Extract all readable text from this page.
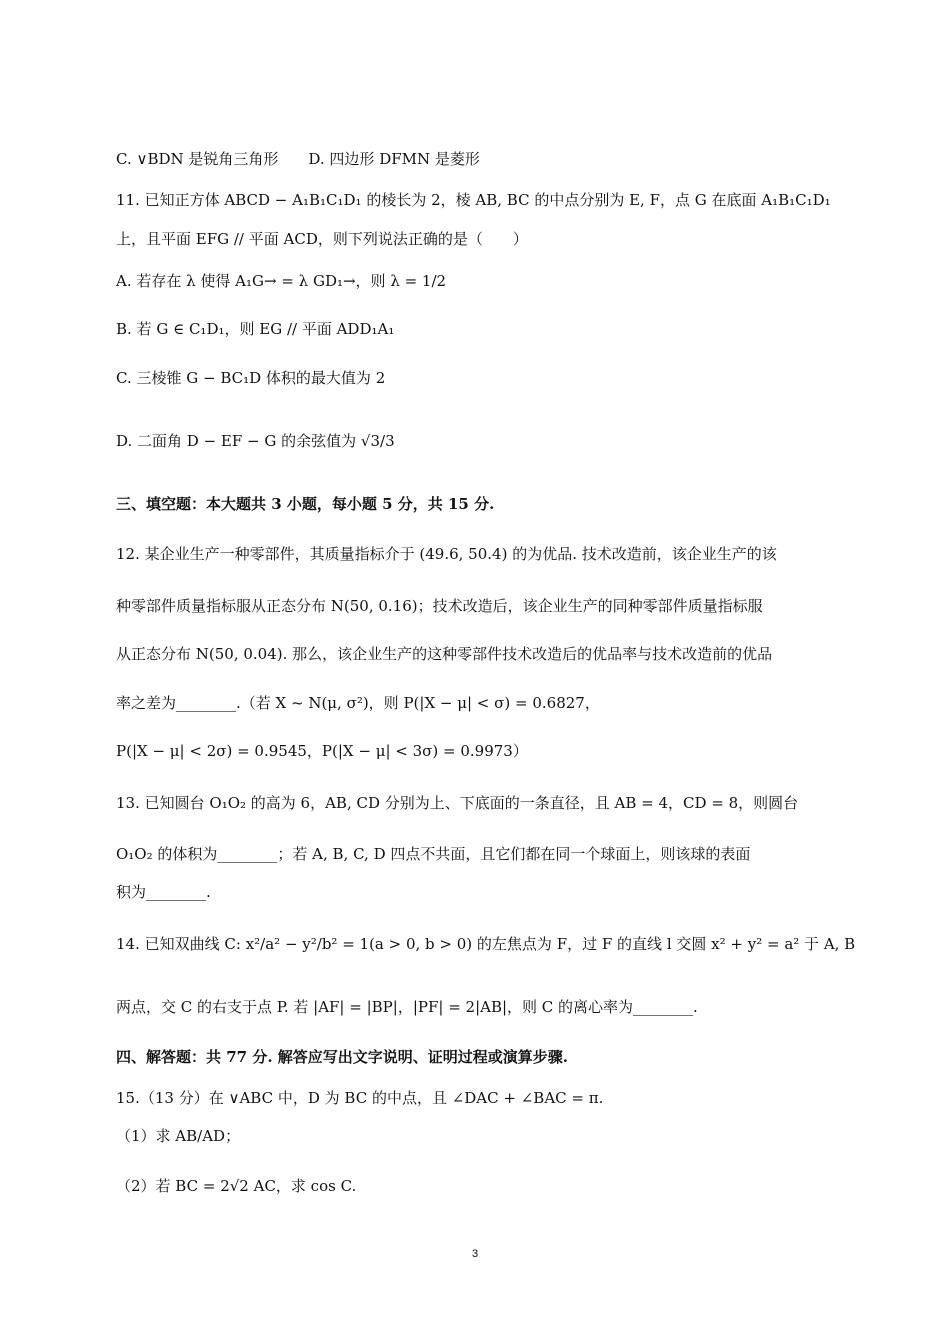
C. ∨BDN 是锐角三角形　　D. 四边形 DFMN 是菱形
11. 已知正方体 ABCD − A₁B₁C₁D₁ 的棱长为 2，棱 AB, BC 的中点分别为 E, F，点 G 在底面 A₁B₁C₁D₁
上，且平面 EFG // 平面 ACD，则下列说法正确的是（　　）
A. 若存在 λ 使得 A₁G→ = λ GD₁→，则 λ = 1/2
B. 若 G ∈ C₁D₁，则 EG // 平面 ADD₁A₁
C. 三棱锥 G − BC₁D 体积的最大值为 2
D. 二面角 D − EF − G 的余弦值为 √3/3
三、填空题：本大题共 3 小题，每小题 5 分，共 15 分.
12. 某企业生产一种零部件，其质量指标介于 (49.6, 50.4) 的为优品. 技术改造前，该企业生产的该
种零部件质量指标服从正态分布 N(50, 0.16)；技术改造后，该企业生产的同种零部件质量指标服
从正态分布 N(50, 0.04). 那么，该企业生产的这种零部件技术改造后的优品率与技术改造前的优品
率之差为________.（若 X ~ N(μ, σ²)，则 P(|X − μ| < σ) = 0.6827，
P(|X − μ| < 2σ) = 0.9545，P(|X − μ| < 3σ) = 0.9973）
13. 已知圆台 O₁O₂ 的高为 6，AB, CD 分别为上、下底面的一条直径，且 AB = 4，CD = 8，则圆台
O₁O₂ 的体积为________；若 A, B, C, D 四点不共面，且它们都在同一个球面上，则该球的表面
积为________.
14. 已知双曲线 C: x²/a² − y²/b² = 1(a > 0, b > 0) 的左焦点为 F，过 F 的直线 l 交圆 x² + y² = a² 于 A, B
两点，交 C 的右支于点 P. 若 |AF| = |BP|，|PF| = 2|AB|，则 C 的离心率为________.
四、解答题：共 77 分. 解答应写出文字说明、证明过程或演算步骤.
15.（13 分）在 ∨ABC 中，D 为 BC 的中点，且 ∠DAC + ∠BAC = π.
（1）求 AB/AD；
（2）若 BC = 2√2 AC，求 cos C.
3
